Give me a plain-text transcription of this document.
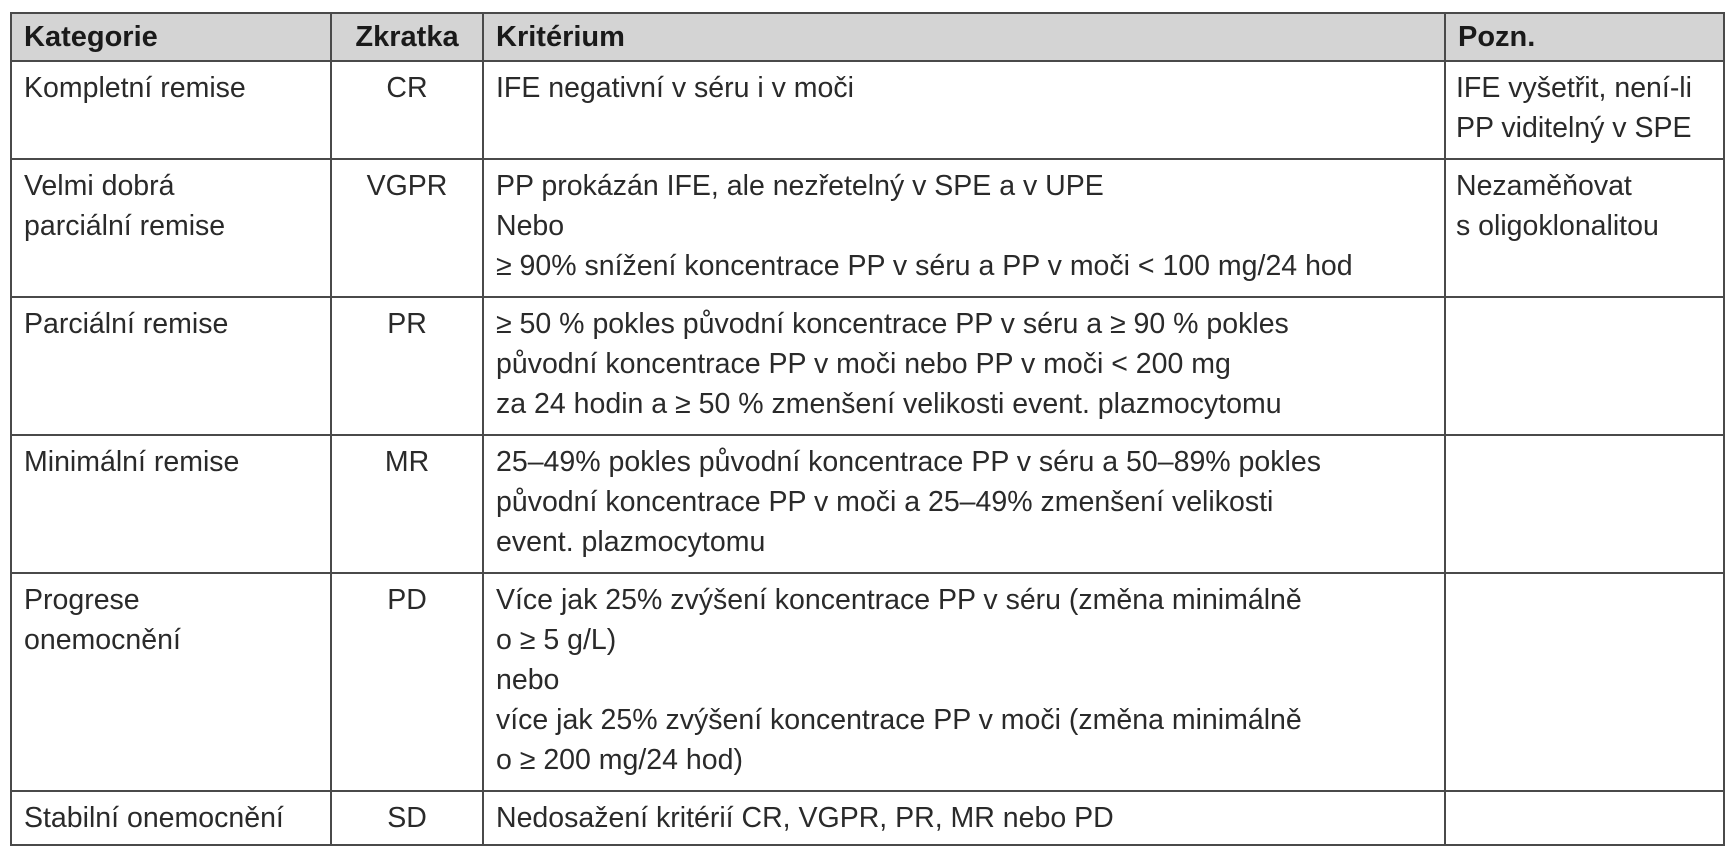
Kategorie	Zkratka	Kritérium	Pozn.

Kompletní remise	CR	IFE negativní v séru i v moči	IFE vyšetřit, není-li
PP viditelný v SPE

Velmi dobrá
parciální remise	VGPR	PP prokázán IFE, ale nezřetelný v SPE a v UPE
Nebo
≥ 90% snížení koncentrace PP v séru a PP v moči < 100 mg/24 hod	Nezaměňovat
s oligoklonalitou

Parciální remise	PR	≥ 50 % pokles původní koncentrace PP v séru a ≥ 90 % pokles
původní koncentrace PP v moči nebo PP v moči < 200 mg
za 24 hodin a ≥ 50 % zmenšení velikosti event. plazmocytomu	

Minimální remise	MR	25–49% pokles původní koncentrace PP v séru a 50–89% pokles
původní koncentrace PP v moči a 25–49% zmenšení velikosti
event. plazmocytomu	

Progrese
onemocnění	PD	Více jak 25% zvýšení koncentrace PP v séru (změna minimálně
o ≥ 5 g/L)
nebo
více jak 25% zvýšení koncentrace PP v moči (změna minimálně
o ≥ 200 mg/24 hod)	

Stabilní onemocnění	SD	Nedosažení kritérií CR, VGPR, PR, MR nebo PD	
